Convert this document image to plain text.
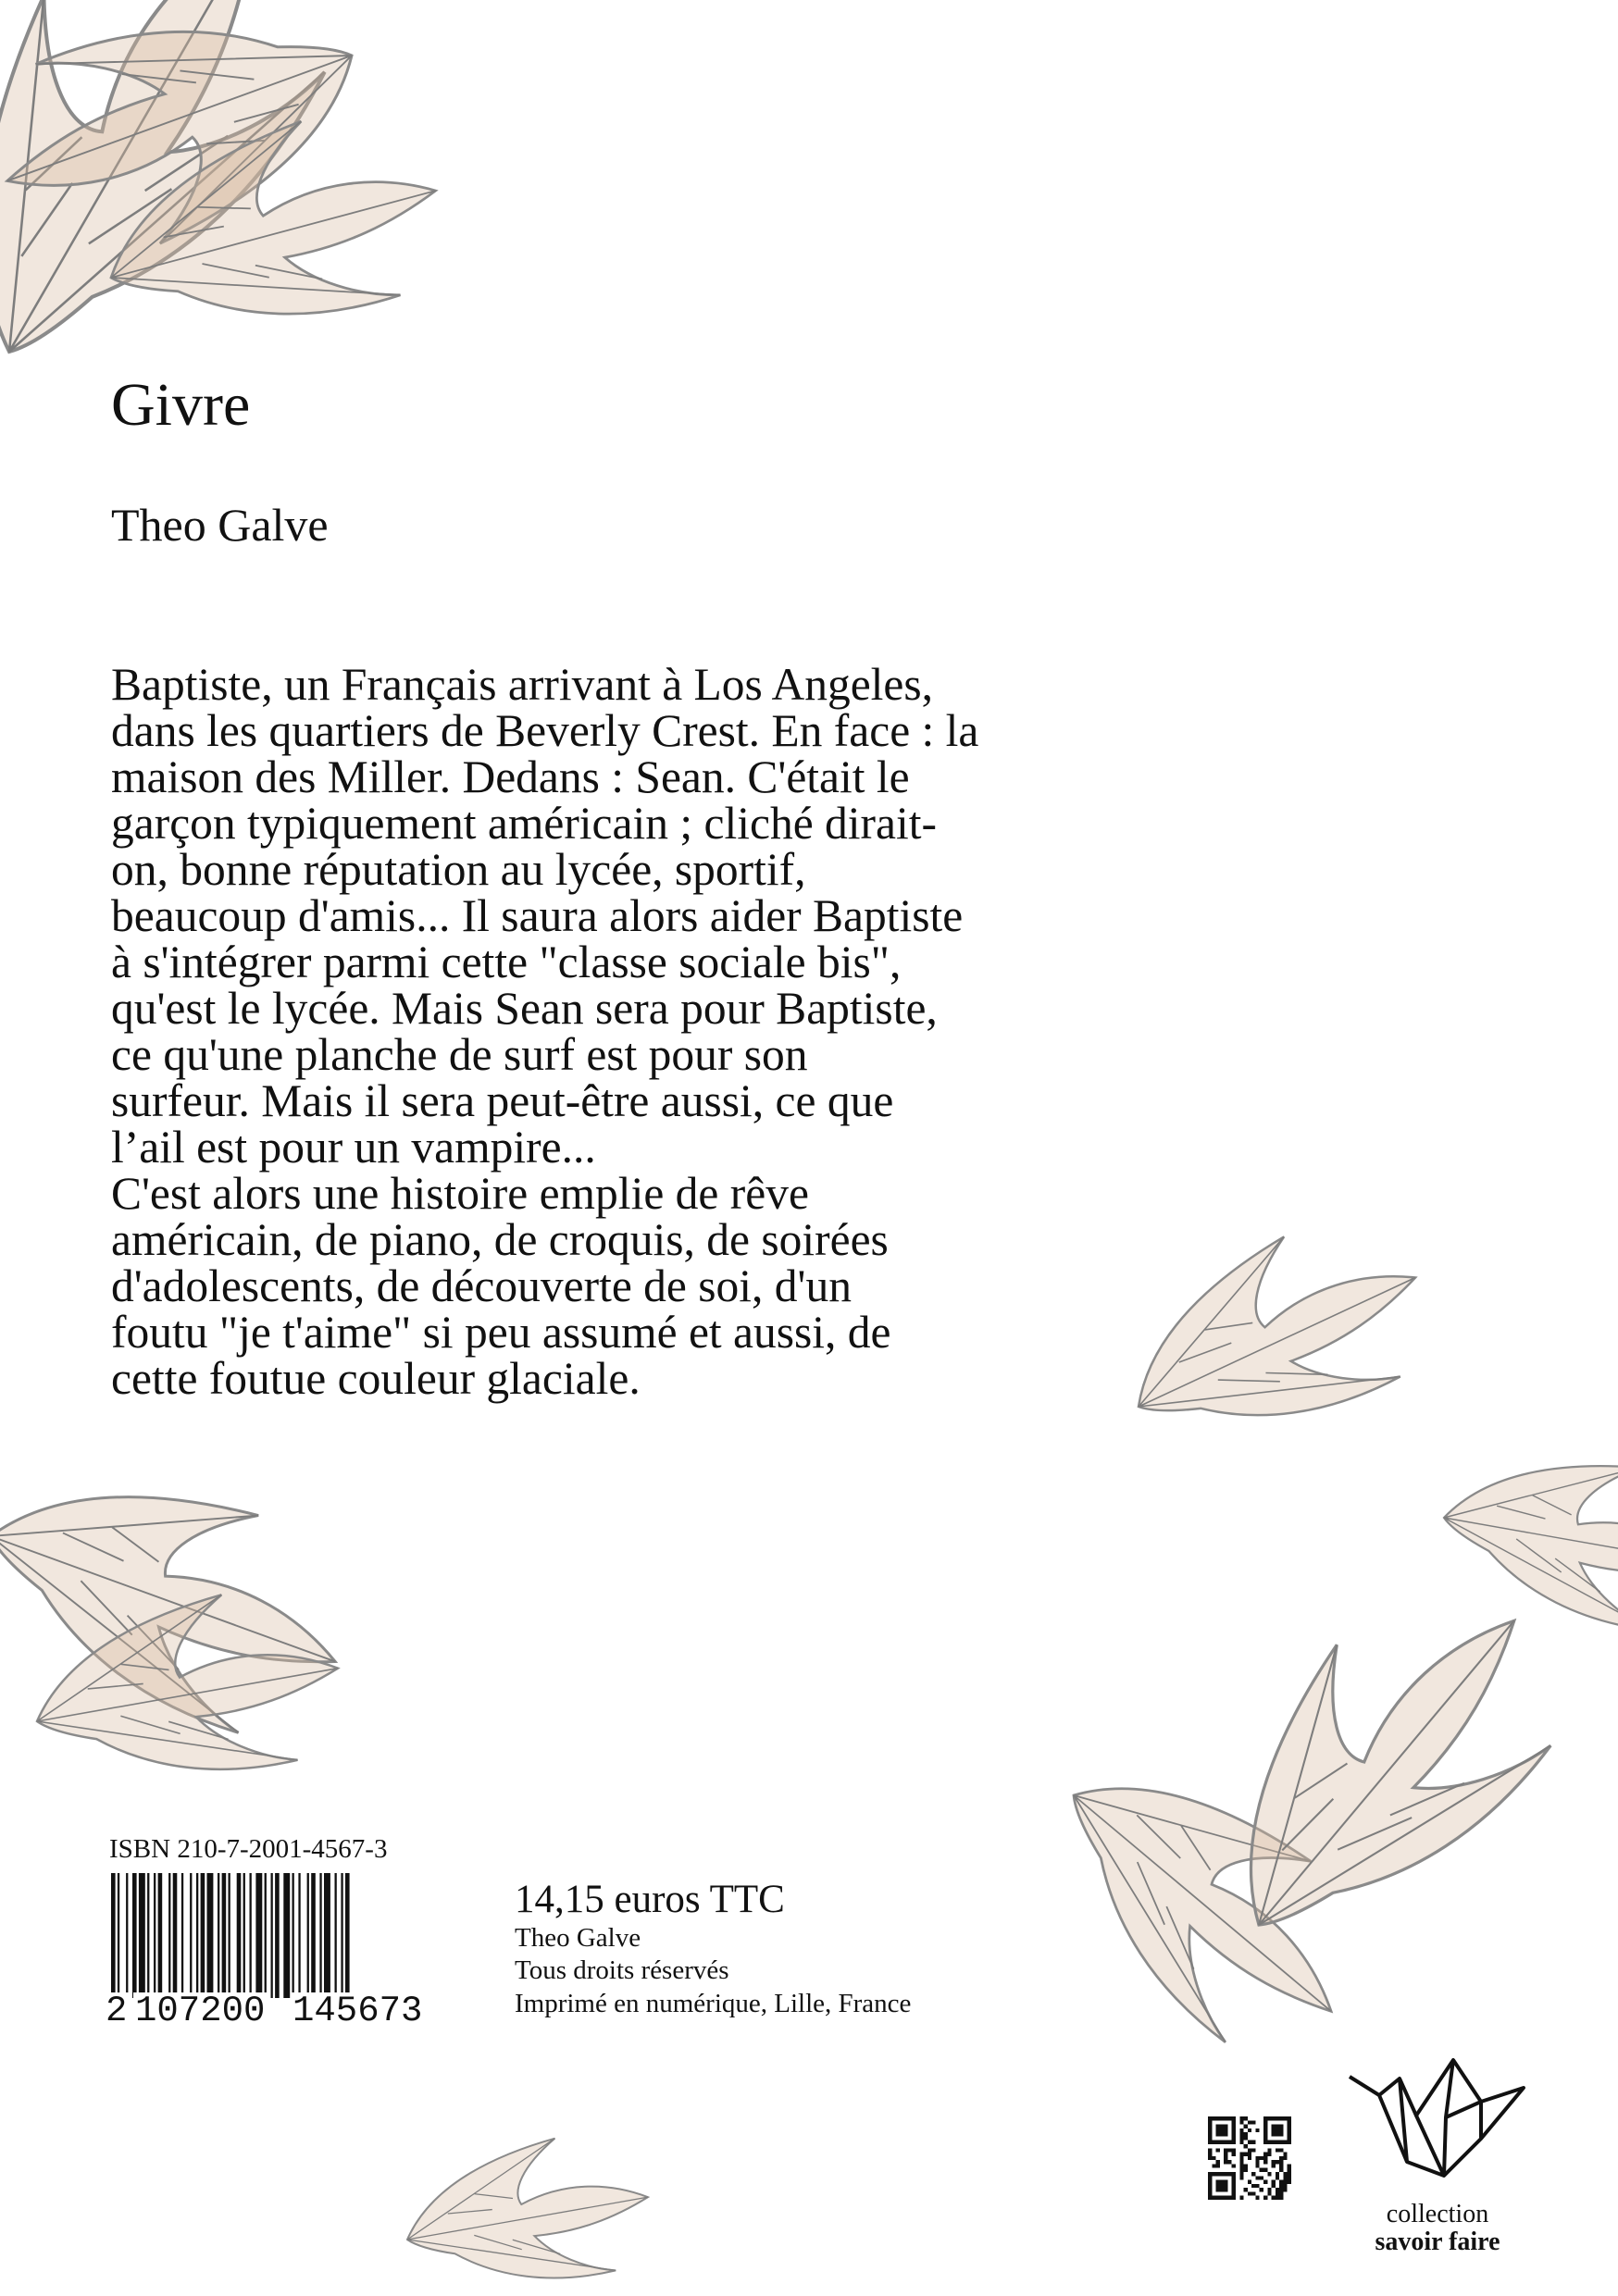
Givre
Theo Galve

Baptiste, un Français arrivant à Los Angeles,
dans les quartiers de Beverly Crest. En face : la
maison des Miller. Dedans : Sean. C'était le
garçon typiquement américain ; cliché dirait-
on, bonne réputation au lycée, sportif,
beaucoup d'amis... Il saura alors aider Baptiste
à s'intégrer parmi cette "classe sociale bis",
qu'est le lycée. Mais Sean sera pour Baptiste,
ce qu'une planche de surf est pour son
surfeur. Mais il sera peut-être aussi, ce que
l’ail est pour un vampire...

C'est alors une histoire emplie de rêve
américain, de piano, de croquis, de soirées
d'adolescents, de découverte de soi, d'un
foutu "je t'aime" si peu assumé et aussi, de
cette foutue couleur glaciale.

ISBN 210-7-2001-4567-3
2 107200 145673
14,15 euros TTC
Theo Galve
Tous droits réservés
Imprimé en numérique, Lille, France
collection
savoir faire
